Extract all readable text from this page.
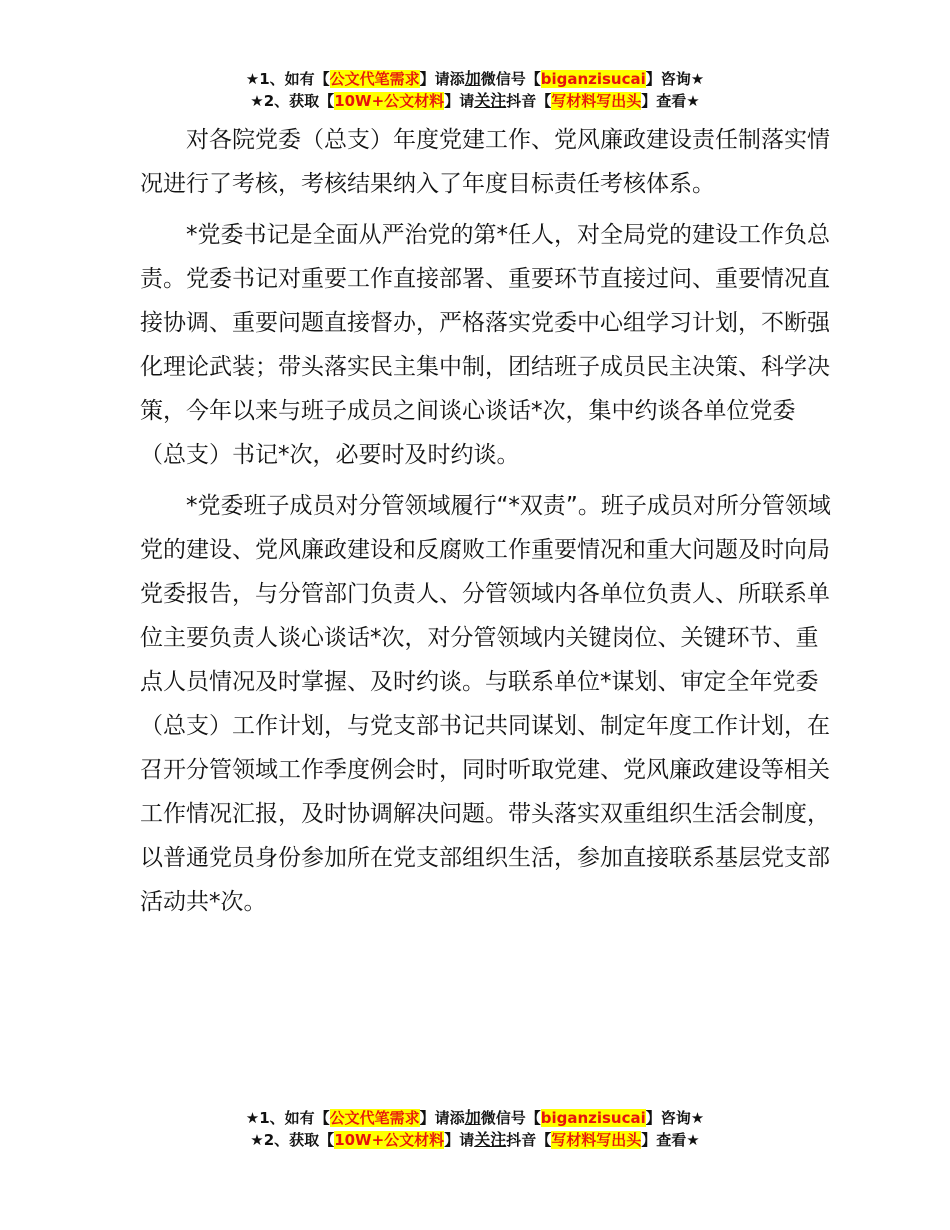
★1、如有【公文代笔需求】请添加微信号【biganzisucai】咨询★
★2、获取【10W+公文材料】请关注抖音【写材料写出头】查看★

对各院党委（总支）年度党建工作、党风廉政建设责任制落实情况进行了考核，考核结果纳入了年度目标责任考核体系。

*党委书记是全面从严治党的第*任人，对全局党的建设工作负总责。党委书记对重要工作直接部署、重要环节直接过问、重要情况直接协调、重要问题直接督办，严格落实党委中心组学习计划，不断强化理论武装；带头落实民主集中制，团结班子成员民主决策、科学决策，今年以来与班子成员之间谈心谈话*次，集中约谈各单位党委（总支）书记*次，必要时及时约谈。

*党委班子成员对分管领域履行“*双责”。班子成员对所分管领域党的建设、党风廉政建设和反腐败工作重要情况和重大问题及时向局党委报告，与分管部门负责人、分管领域内各单位负责人、所联系单位主要负责人谈心谈话*次，对分管领域内关键岗位、关键环节、重点人员情况及时掌握、及时约谈。与联系单位*谋划、审定全年党委（总支）工作计划，与党支部书记共同谋划、制定年度工作计划，在召开分管领域工作季度例会时，同时听取党建、党风廉政建设等相关工作情况汇报，及时协调解决问题。带头落实双重组织生活会制度，以普通党员身份参加所在党支部组织生活，参加直接联系基层党支部活动共*次。

★1、如有【公文代笔需求】请添加微信号【biganzisucai】咨询★
★2、获取【10W+公文材料】请关注抖音【写材料写出头】查看★
